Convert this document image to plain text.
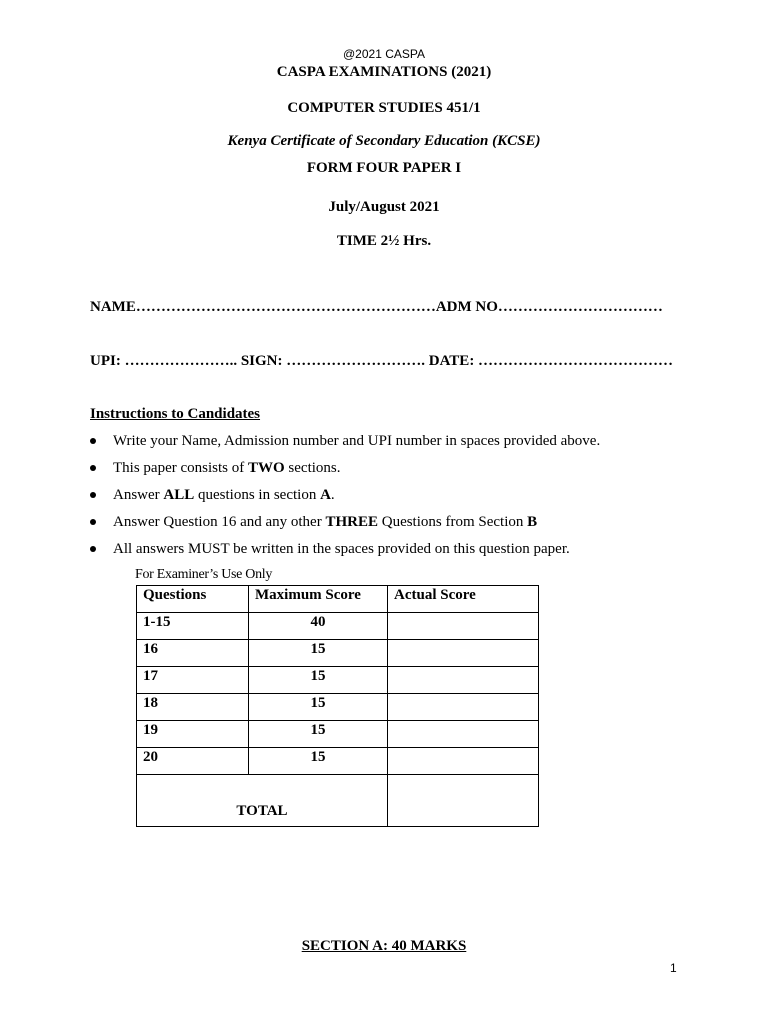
@2021 CASPA
CASPA EXAMINATIONS (2021)
COMPUTER STUDIES 451/1
Kenya Certificate of Secondary Education (KCSE)
FORM FOUR PAPER I
July/August 2021
TIME 2½ Hrs.
NAME……………………………………………………ADM NO……………………………
UPI: ………………….. SIGN: ………………………. DATE: …………………………………
Instructions to Candidates
Write your Name, Admission number and UPI number in spaces provided above.
This paper consists of TWO sections.
Answer ALL questions in section A.
Answer Question 16 and any other THREE Questions from Section B
All answers MUST be written in the spaces provided on this question paper.
For Examiner’s Use Only
Questions	Maximum Score	Actual Score
1-15	40	
16	15	
17	15	
18	15	
19	15	
20	15	
TOTAL		
SECTION A: 40 MARKS
1
